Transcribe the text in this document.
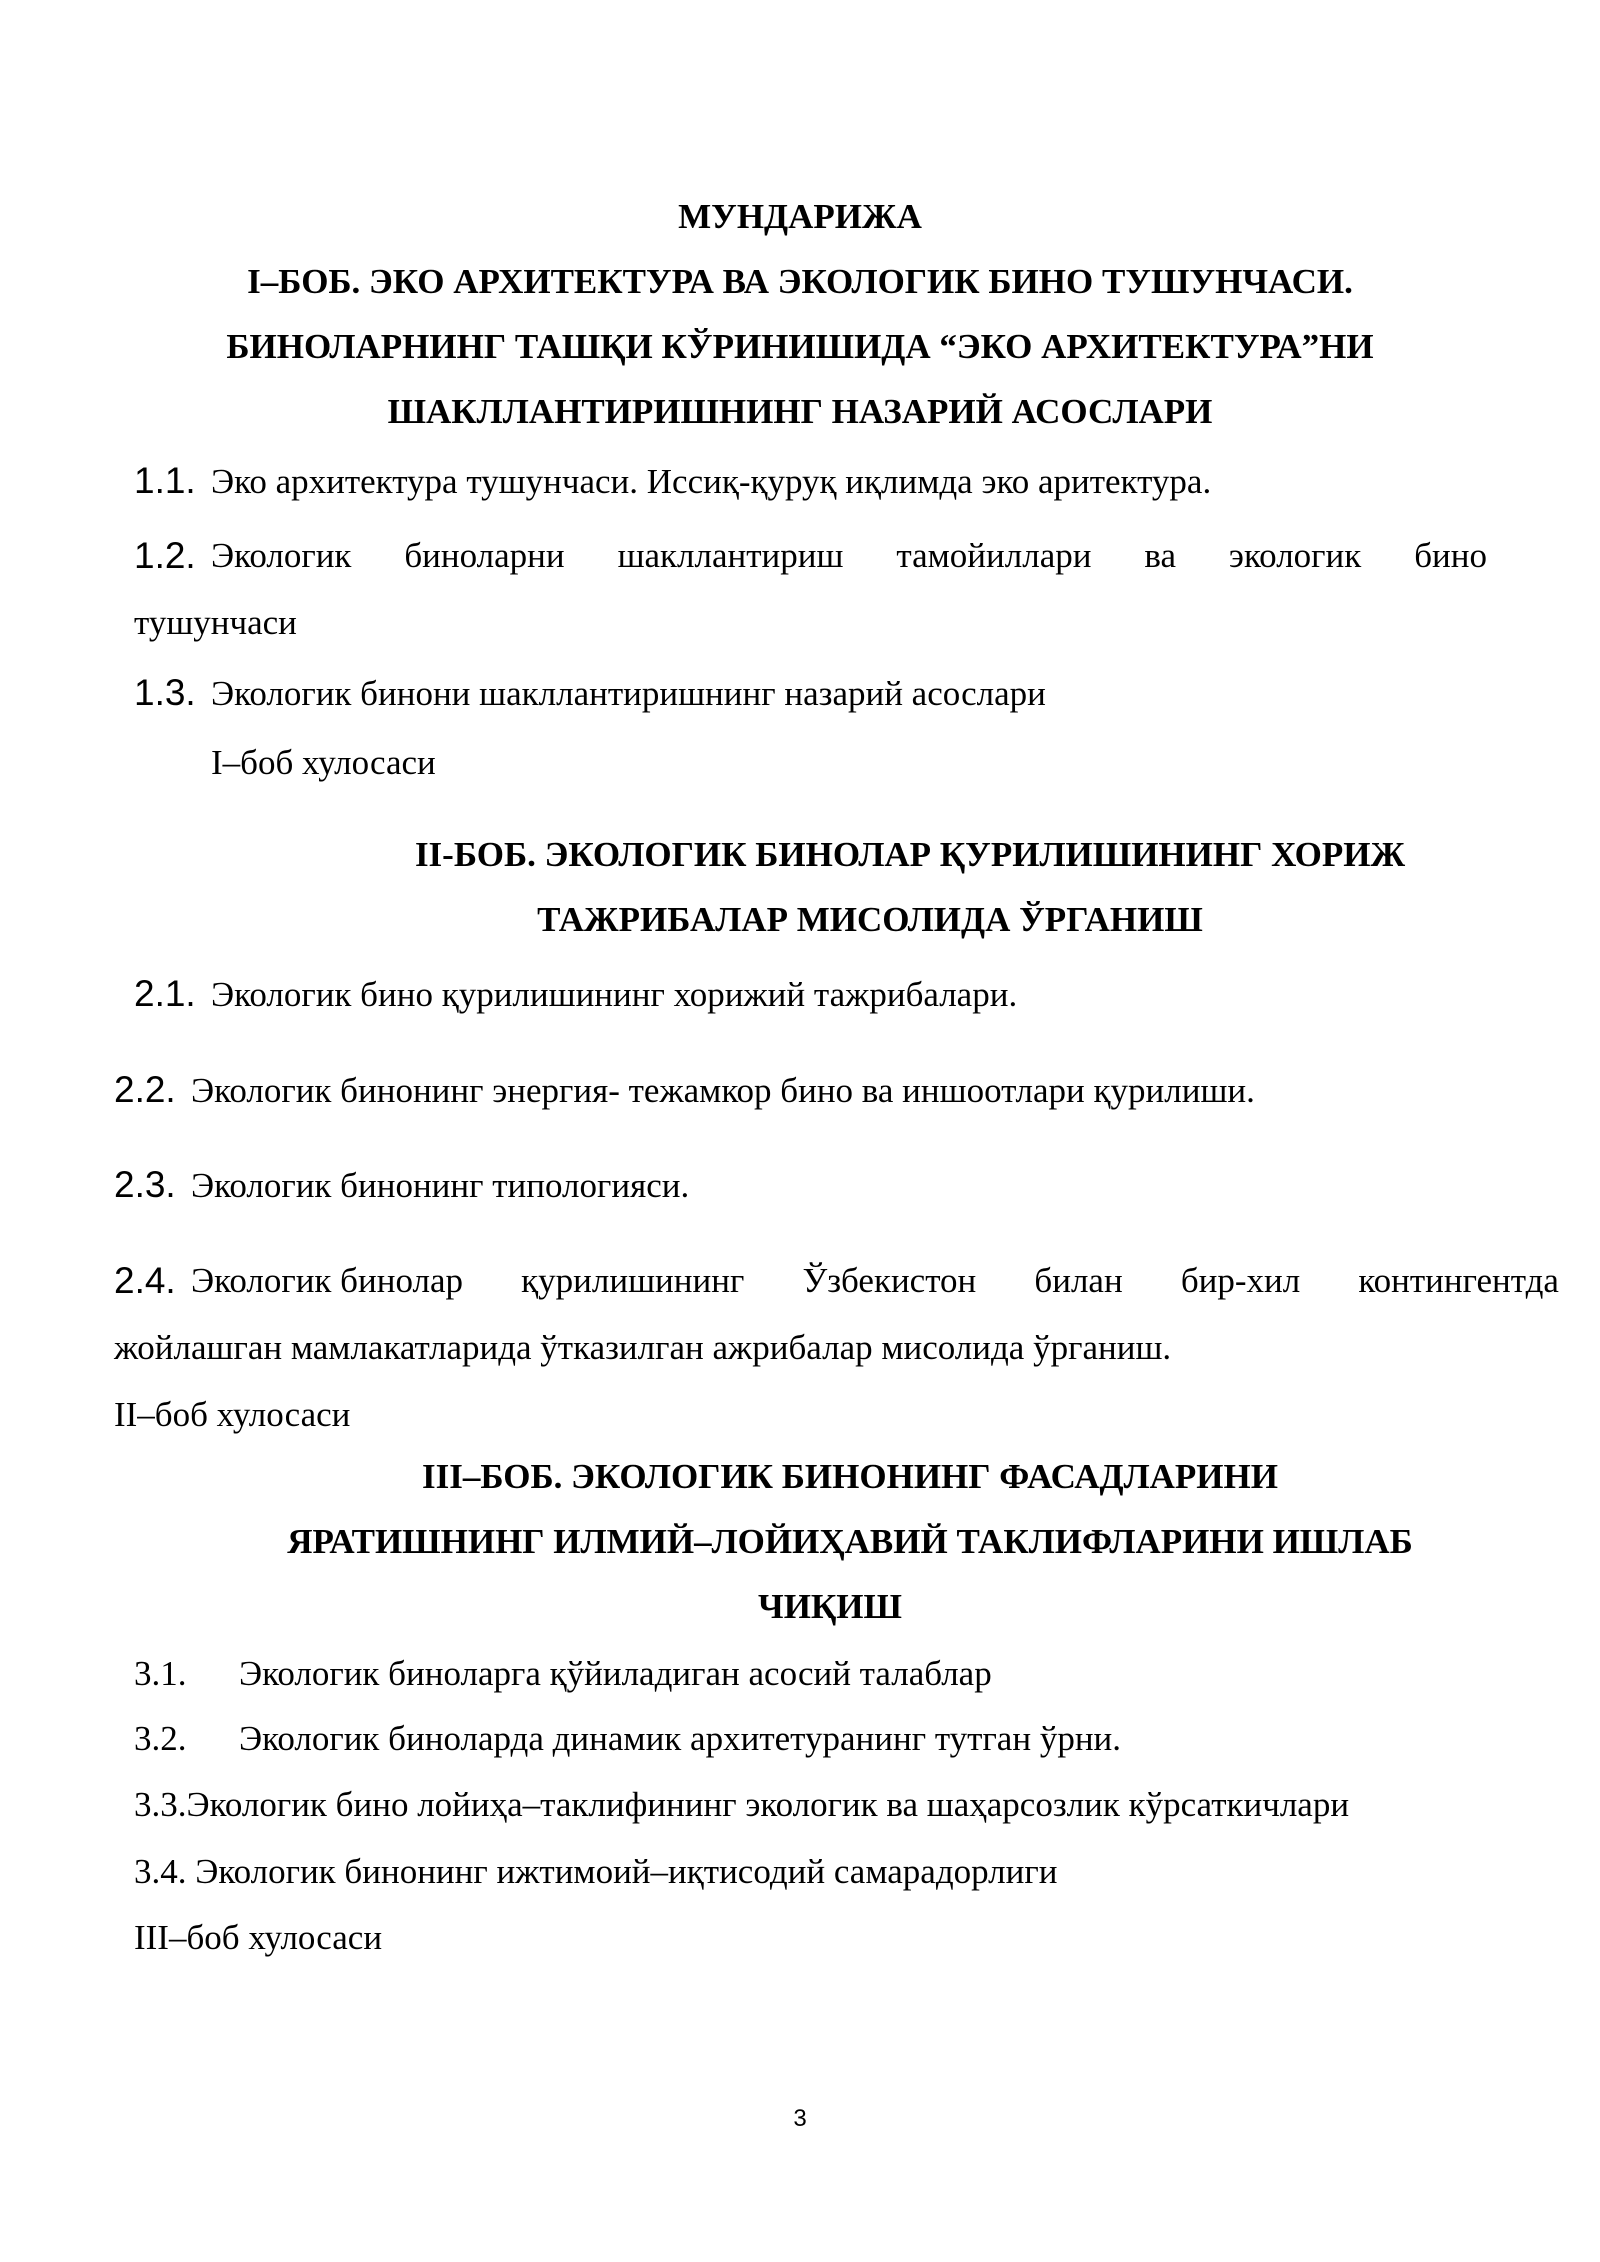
МУНДАРИЖА
I–БОБ. ЭКО АРХИТЕКТУРА ВА ЭКОЛОГИК БИНО ТУШУНЧАСИ.
БИНОЛАРНИНГ ТАШҚИ КЎРИНИШИДА “ЭКО АРХИТЕКТУРА”НИ
ШАКЛЛАНТИРИШНИНГ НАЗАРИЙ АСОСЛАРИ
1.1. Эко архитектура тушунчаси. Иссиқ-қуруқ иқлимда эко аритектура.
1.2. Экологик биноларни шакллантириш тамойиллари ва экологик бино
тушунчаси
1.3. Экологик бинони шакллантиришнинг назарий асослари
I–боб хулосаси
II-БОБ. ЭКОЛОГИК БИНОЛАР ҚУРИЛИШИНИНГ ХОРИЖ
ТАЖРИБАЛАР МИСОЛИДА ЎРГАНИШ
2.1. Экологик бино қурилишининг хорижий тажрибалари.
2.2. Экологик бинонинг энергия- тежамкор бино ва иншоотлари қурилиши.
2.3. Экологик бинонинг типологияси.
2.4. Экологик бинолар қурилишининг Ўзбекистон билан бир-хил контингентда
жойлашган мамлакатларида ўтказилган ажрибалар мисолида ўрганиш.
II–боб хулосаси
III–БОБ. ЭКОЛОГИК БИНОНИНГ ФАСАДЛАРИНИ
ЯРАТИШНИНГ ИЛМИЙ–ЛОЙИҲАВИЙ ТАКЛИФЛАРИНИ ИШЛАБ
ЧИҚИШ
3.1. Экологик биноларга қўйиладиган асосий талаблар
3.2. Экологик биноларда динамик архитетуранинг тутган ўрни.
3.3.Экологик бино лойиҳа–таклифининг экологик ва шаҳарсозлик кўрсаткичлари
3.4. Экологик бинонинг ижтимоий–иқтисодий самарадорлиги
III–боб хулосаси
3
